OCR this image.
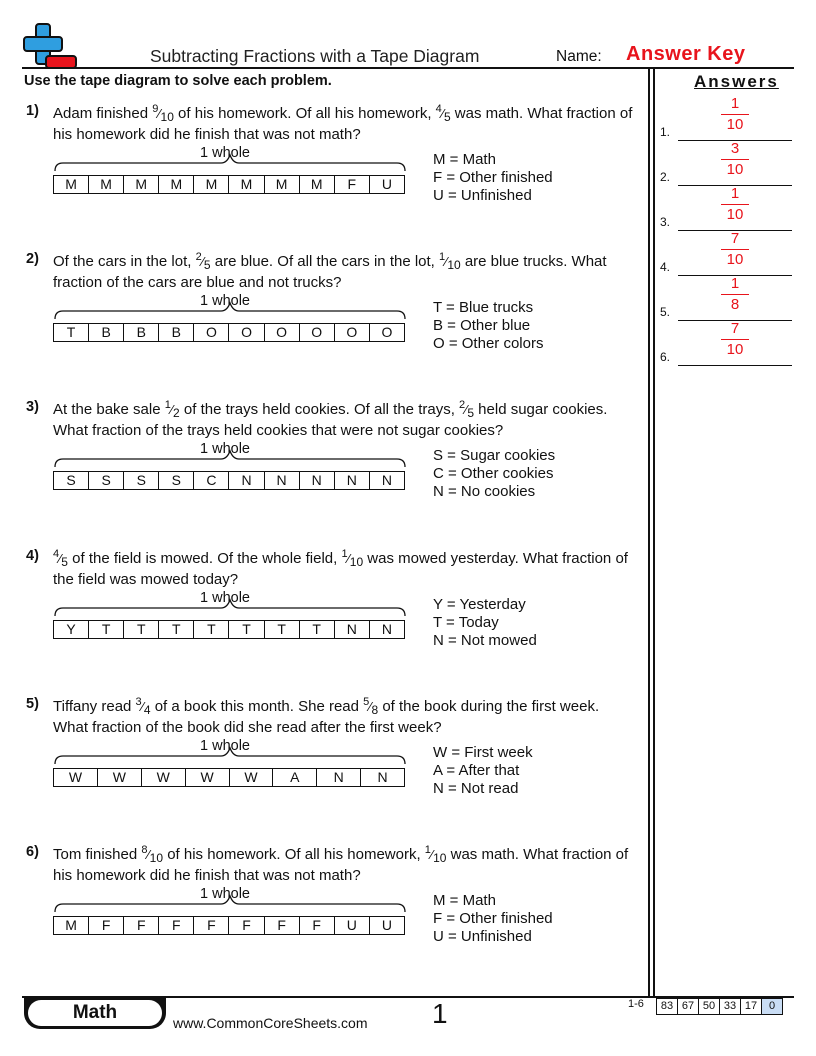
Subtracting Fractions with a Tape Diagram	Name: Answer Key
Use the tape diagram to solve each problem.	Answers
1.
1
10
2.
3
10
3.
1
10
4.
7
10
5.
1
8
6.
7
10
1) Adam finished $^9⁄_{10}$ of his homework. Of all his homework, $^4⁄_5$ was math. What fraction of his homework did he finish that was not math?
1 whole
M	M	M	M	M	M	M	M	F	U
M = Math
F = Other finished
U = Unfinished
2) Of the cars in the lot, $^2⁄_5$ are blue. Of all the cars in the lot, $^1⁄_{10}$ are blue trucks. What fraction of the cars are blue and not trucks?
1 whole
T	B	B	B	O	O	O	O	O	O
T = Blue trucks
B = Other blue
O = Other colors
3) At the bake sale $^1⁄_2$ of the trays held cookies. Of all the trays, $^2⁄_5$ held sugar cookies. What fraction of the trays held cookies that were not sugar cookies?
1 whole
S	S	S	S	C	N	N	N	N	N
S = Sugar cookies
C = Other cookies
N = No cookies
4) $^4⁄_5$ of the field is mowed. Of the whole field, $^1⁄_{10}$ was mowed yesterday. What fraction of the field was mowed today?
1 whole
Y	T	T	T	T	T	T	T	N	N
Y = Yesterday
T = Today
N = Not mowed
5) Tiffany read $^3⁄_4$ of a book this month. She read $^5⁄_8$ of the book during the first week. What fraction of the book did she read after the first week?
1 whole
W	W	W	W	W	A	N	N
W = First week
A = After that
N = Not read
6) Tom finished $^8⁄_{10}$ of his homework. Of all his homework, $^1⁄_{10}$ was math. What fraction of his homework did he finish that was not math?
1 whole
M	F	F	F	F	F	F	F	U	U
M = Math
F = Other finished
U = Unfinished
Math	www.CommonCoreSheets.com 1	1-6	83 67 50 33 17	0
